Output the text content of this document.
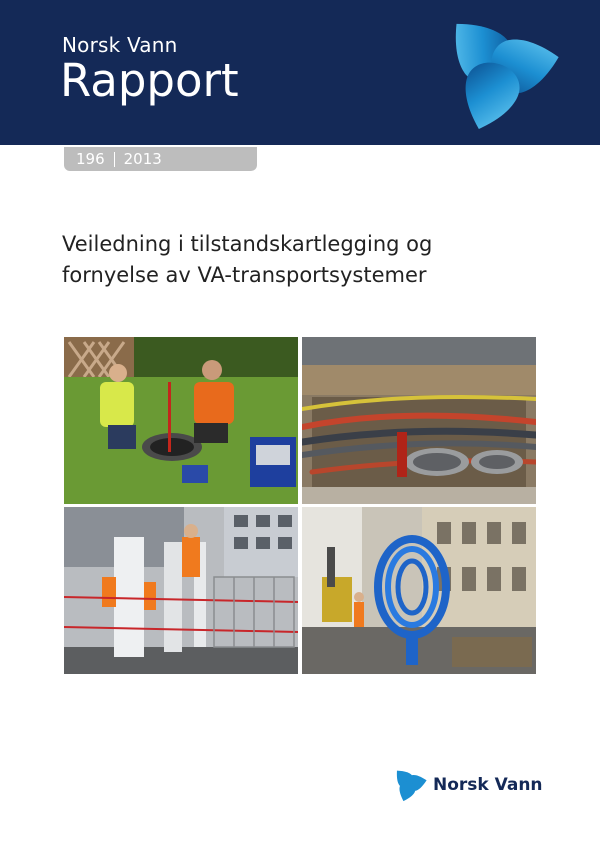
Norsk Vann
Rapport
196	2013
Veiledning i tilstandskartlegging og
fornyelse av VA-transportsystemer
Norsk Vann
